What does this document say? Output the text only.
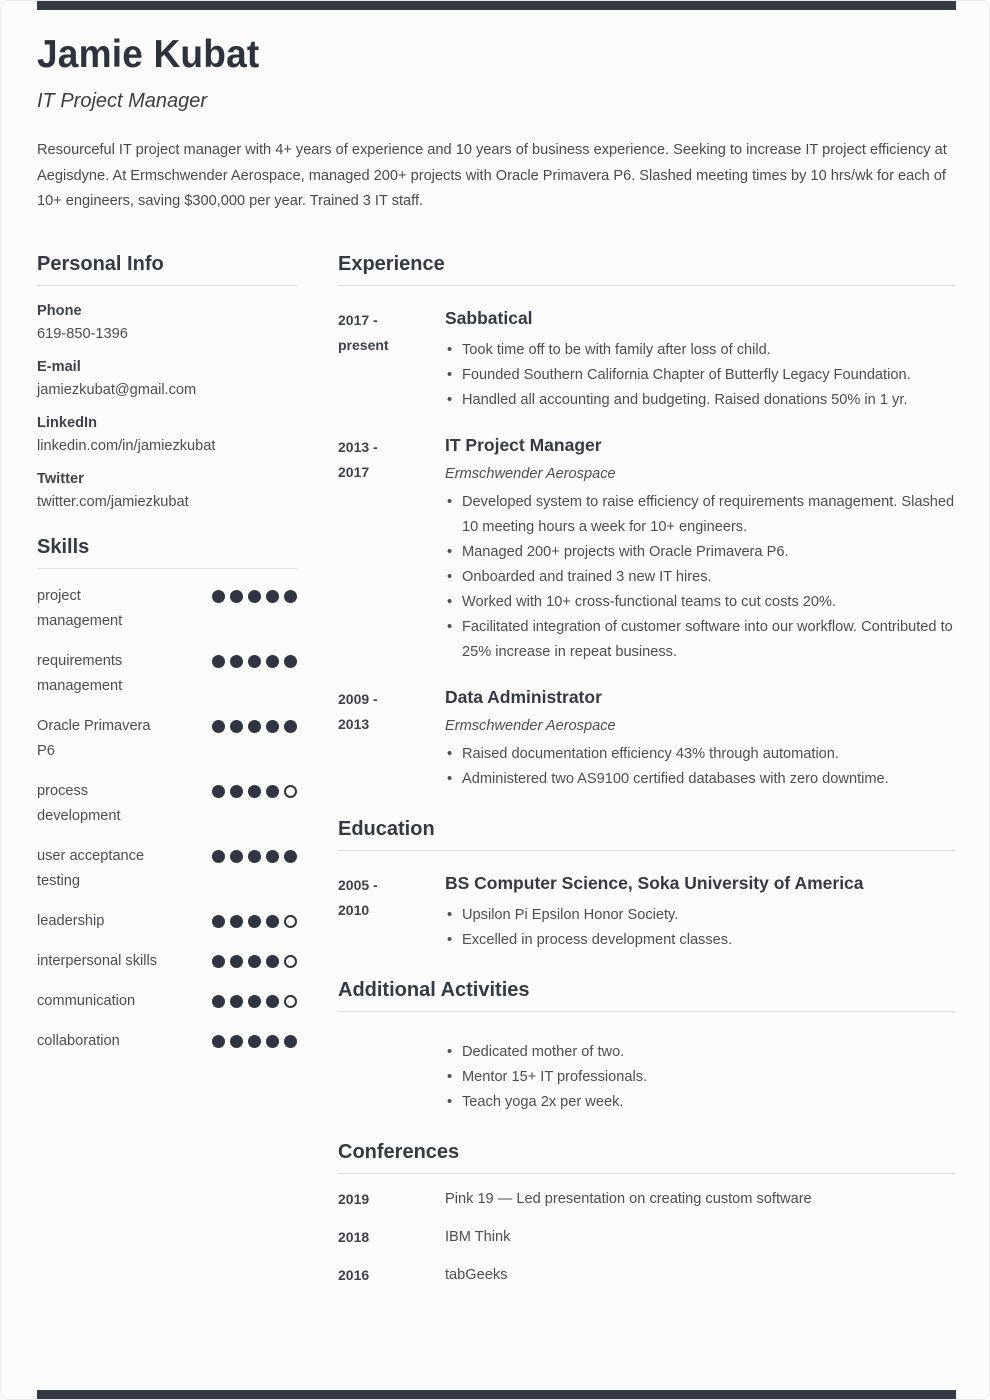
Jamie Kubat
IT Project Manager
Resourceful IT project manager with 4+ years of experience and 10 years of business experience. Seeking to increase IT project efficiency at Aegisdyne. At Ermschwender Aerospace, managed 200+ projects with Oracle Primavera P6. Slashed meeting times by 10 hrs/wk for each of 10+ engineers, saving $300,000 per year. Trained 3 IT staff.
Personal Info
Phone
619-850-1396
E-mail
jamiezkubat@gmail.com
LinkedIn
linkedin.com/in/jamiezkubat
Twitter
twitter.com/jamiezkubat
Skills
project management
requirements management
Oracle Primavera P6
process development
user acceptance testing
leadership
interpersonal skills
communication
collaboration
Experience
2017 -
present
Sabbatical
• Took time off to be with family after loss of child.
• Founded Southern California Chapter of Butterfly Legacy Foundation.
• Handled all accounting and budgeting. Raised donations 50% in 1 yr.
2013 -
2017
IT Project Manager
Ermschwender Aerospace
• Developed system to raise efficiency of requirements management. Slashed 10 meeting hours a week for 10+ engineers.
• Managed 200+ projects with Oracle Primavera P6.
• Onboarded and trained 3 new IT hires.
• Worked with 10+ cross-functional teams to cut costs 20%.
• Facilitated integration of customer software into our workflow. Contributed to 25% increase in repeat business.
2009 -
2013
Data Administrator
Ermschwender Aerospace
• Raised documentation efficiency 43% through automation.
• Administered two AS9100 certified databases with zero downtime.
Education
2005 -
2010
BS Computer Science, Soka University of America
• Upsilon Pi Epsilon Honor Society.
• Excelled in process development classes.
Additional Activities
• Dedicated mother of two.
• Mentor 15+ IT professionals.
• Teach yoga 2x per week.
Conferences
2019	Pink 19 — Led presentation on creating custom software
2018	IBM Think
2016	tabGeeks
